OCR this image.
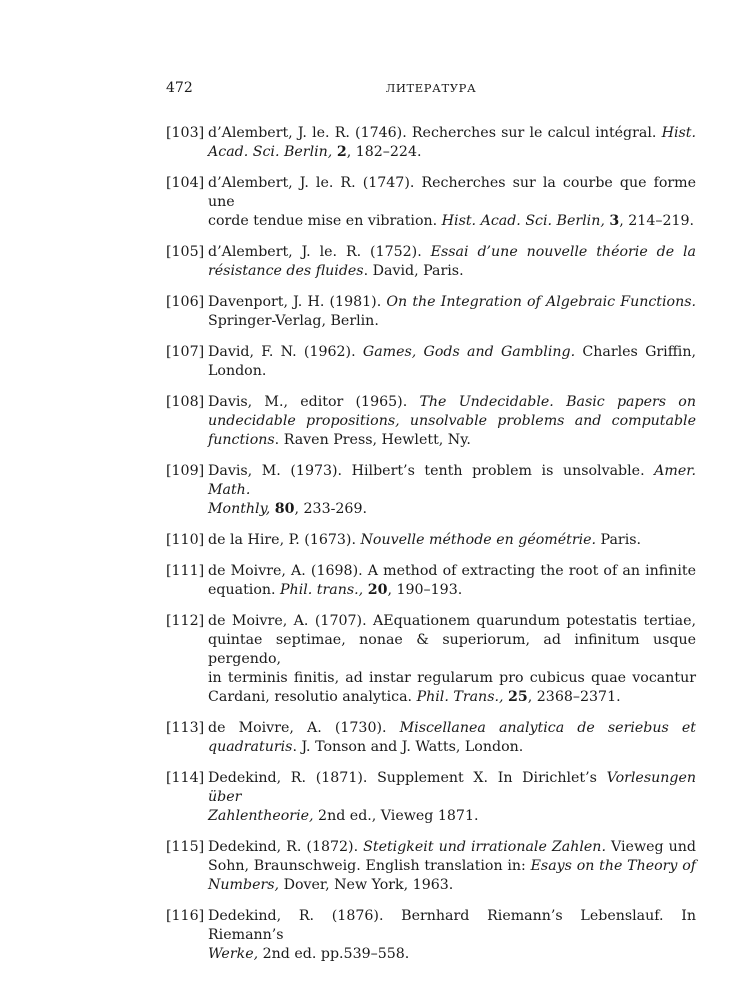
472	ЛИТЕРАТУРА
[103] d’Alembert, J. le. R. (1746). Recherches sur le calcul intégral. Hist.
Acad. Sci. Berlin, 2, 182–224.
[104] d’Alembert, J. le. R. (1747). Recherches sur la courbe que forme une
corde tendue mise en vibration. Hist. Acad. Sci. Berlin, 3, 214–219.
[105] d’Alembert, J. le. R. (1752). Essai d’une nouvelle théorie de la
résistance des fluides. David, Paris.
[106] Davenport, J. H. (1981). On the Integration of Algebraic Functions.
Springer-Verlag, Berlin.
[107] David, F. N. (1962). Games, Gods and Gambling. Charles Griffin,
London.
[108] Davis, M., editor (1965). The Undecidable. Basic papers on
undecidable propositions, unsolvable problems and computable
functions. Raven Press, Hewlett, Ny.
[109] Davis, M. (1973). Hilbert’s tenth problem is unsolvable. Amer. Math.
Monthly, 80, 233-269.
[110] de la Hire, P. (1673). Nouvelle méthode en géométrie. Paris.
[111] de Moivre, A. (1698). A method of extracting the root of an infinite
equation. Phil. trans., 20, 190–193.
[112] de Moivre, A. (1707). AEquationem quarundum potestatis tertiae,
quintae septimae, nonae & superiorum, ad infinitum usque pergendo,
in terminis finitis, ad instar regularum pro cubicus quae vocantur
Cardani, resolutio analytica. Phil. Trans., 25, 2368–2371.
[113] de Moivre, A. (1730). Miscellanea analytica de seriebus et
quadraturis. J. Tonson and J. Watts, London.
[114] Dedekind, R. (1871). Supplement X. In Dirichlet’s Vorlesungen über
Zahlentheorie, 2nd ed., Vieweg 1871.
[115] Dedekind, R. (1872). Stetigkeit und irrationale Zahlen. Vieweg und
Sohn, Braunschweig. English translation in: Esays on the Theory of
Numbers, Dover, New York, 1963.
[116] Dedekind, R. (1876). Bernhard Riemann’s Lebenslauf. In Riemann’s
Werke, 2nd ed. pp.539–558.
